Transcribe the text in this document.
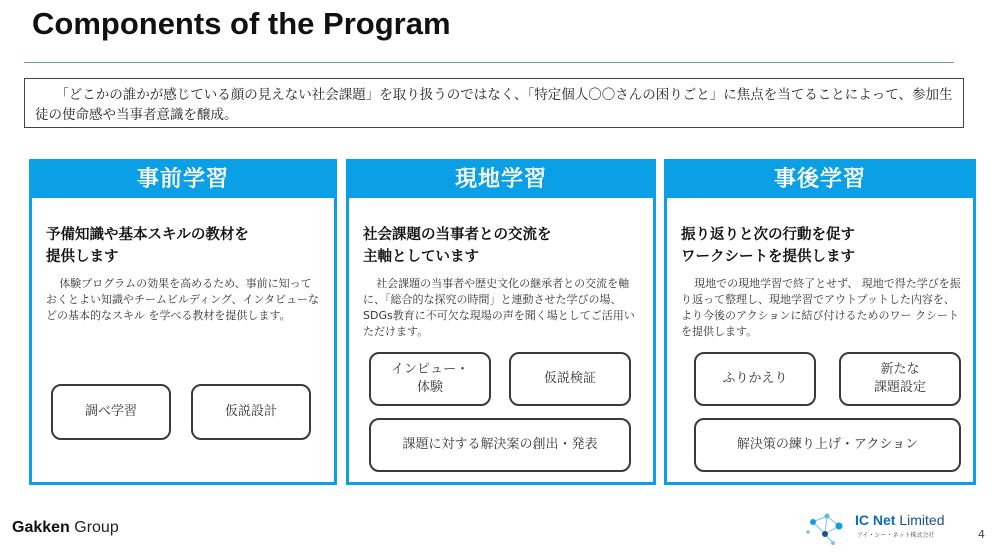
Components of the Program
「どこかの誰かが感じている顔の見えない社会課題」を取り扱うのではなく、「特定個人〇〇さんの困りごと」に焦点を当てることによって、参加生徒の使命感や当事者意識を醸成。
事前学習
予備知識や基本スキルの教材を
提供します
体験プログラムの効果を高めるため、事前に知っておくとよい知識やチームビルディング、インタビューなどの基本的なスキル を学べる教材を提供します。
調べ学習	仮説設計
現地学習
社会課題の当事者との交流を
主軸としています
社会課題の当事者や歴史文化の継承者との交流を軸に、「総合的な探究の時間」と連動させた学びの場、SDGs教育に不可欠な現場の声を聞く場としてご活用いただけます。
インピュー・
体験
仮説検証
課題に対する解決案の創出・発表
事後学習
振り返りと次の行動を促す
ワークシートを提供します
現地での現地学習で終了とせず、 現地で得た学びを振り返って整理し、現地学習でアウトプットした内容を、より今後のアクションに結び付けるためのワー クシートを提供します。
ふりかえり
新たな
課題設定
解決策の練り上げ・アクション
Gakken Group	IC Net Limited
アイ・シー・ネット株式会社	4
